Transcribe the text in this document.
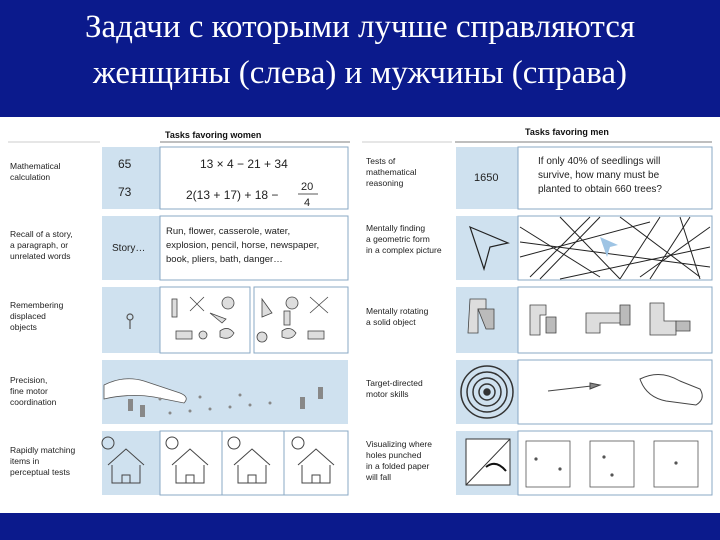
Задачи с которыми лучше справляются
женщины (слева) и мужчины (справа)
Tasks favoring women	Tasks favoring men
Mathematical
calculation
Recall of a story,
a paragraph, or
unrelated words
Remembering
displaced
objects
Precision,
fine motor
coordination
Rapidly matching
items in
perceptual tests
65
73
13 × 4 − 21 + 34
2(13 + 17) + 18 −
20
4
Story…
Run, flower, casserole, water,
explosion, pencil, horse, newspaper,
book, pliers, bath, danger…
Tests of
mathematical
reasoning
Mentally finding
a geometric form
in a complex picture
Mentally rotating
a solid object
Target-directed
motor skills
Visualizing where
holes punched
in a folded paper
will fall
1650
If only 40% of seedlings will
survive, how many must be
planted to obtain 660 trees?
